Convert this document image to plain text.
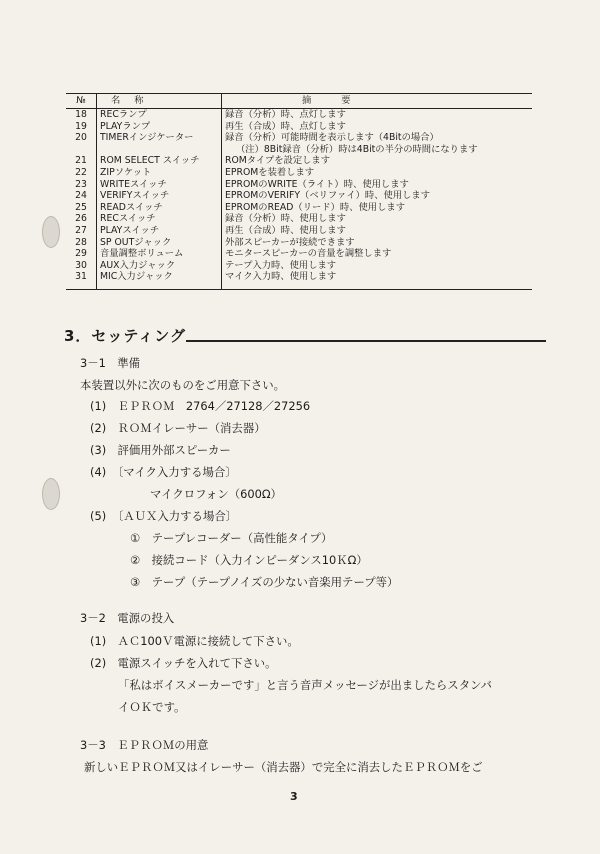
№	名称	摘要
18	RECランプ	録音（分析）時、点灯します
19	PLAYランプ	再生（合成）時、点灯します
20	TIMERインジケーター	録音（分析）可能時間を表示します（4Bitの場合）
		（注）8Bit録音（分析）時は4Bitの半分の時間になります
21	ROM SELECT スイッチ	ROMタイプを設定します
22	ZIPソケット	EPROMを装着します
23	WRITEスイッチ	EPROMのWRITE（ライト）時、使用します
24	VERIFYスイッチ	EPROMのVERIFY（ベリファイ）時、使用します
25	READスイッチ	EPROMのREAD（リード）時、使用します
26	RECスイッチ	録音（分析）時、使用します
27	PLAYスイッチ	再生（合成）時、使用します
28	SP OUTジャック	外部スピーカーが接続できます
29	音量調整ボリューム	モニタースピーカーの音量を調整します
30	AUX入力ジャック	テープ入力時、使用します
31	MIC入力ジャック	マイク入力時、使用します

3．セッティング
3－1　準備
本装置以外に次のものをご用意下さい。
(1)　ＥＰＲＯＭ　2764／27128／27256
(2)　ＲＯＭイレーサー（消去器）
(3)　評価用外部スピーカー
(4)　〔マイク入力する場合〕
マイクロフォン（600Ω）
(5)　〔ＡＵＸ入力する場合〕
①　テープレコーダー（高性能タイプ）
②　接続コード（入力インピーダンス10ＫΩ）
③　テープ（テープノイズの少ない音楽用テープ等）
3－2　電源の投入
(1)　ＡＣ100Ｖ電源に接続して下さい。
(2)　電源スイッチを入れて下さい。
「私はボイスメーカーです」と言う音声メッセージが出ましたらスタンバ
イＯＫです。
3－3　ＥＰＲＯＭの用意
新しいＥＰＲＯＭ又はイレーサー（消去器）で完全に消去したＥＰＲＯＭをご
3
